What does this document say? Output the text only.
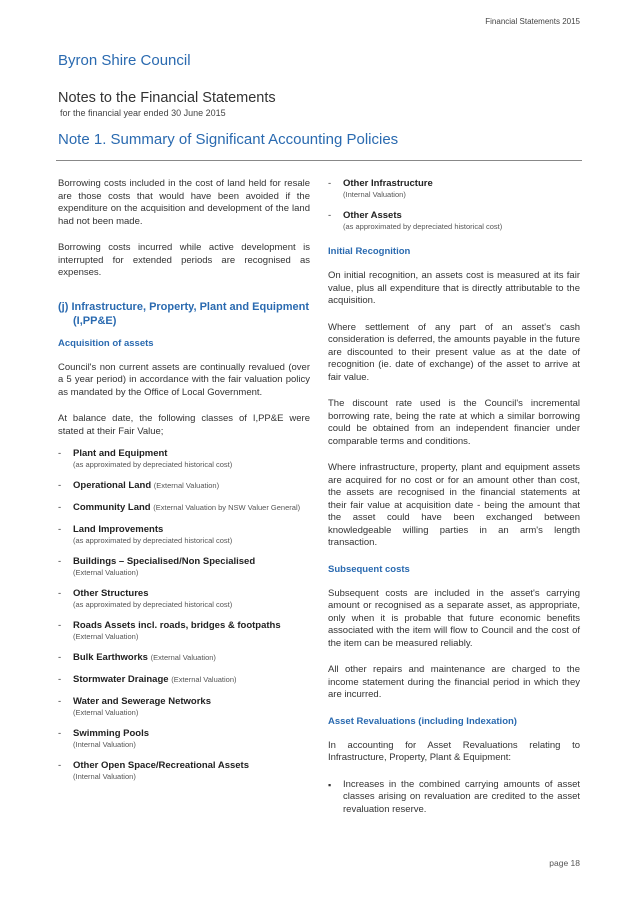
Financial Statements 2015
Byron Shire Council
Notes to the Financial Statements
for the financial year ended 30 June 2015
Note 1. Summary of Significant Accounting Policies

Borrowing costs included in the cost of land held for resale are those costs that would have been avoided if the expenditure on the acquisition and development of the land had not been made.

Borrowing costs incurred while active development is interrupted for extended periods are recognised as expenses.

(j) Infrastructure, Property, Plant and Equipment (I,PP&E)
Acquisition of assets

Council's non current assets are continually revalued (over a 5 year period) in accordance with the fair valuation policy as mandated by the Office of Local Government.

At balance date, the following classes of I,PP&E were stated at their Fair Value;

-	Plant and Equipment
(as approximated by depreciated historical cost)
-	Operational Land (External Valuation)
-	Community Land (External Valuation by NSW Valuer General)
-	Land Improvements
(as approximated by depreciated historical cost)
-	Buildings – Specialised/Non Specialised
(External Valuation)
-	Other Structures
(as approximated by depreciated historical cost)
-	Roads Assets incl. roads, bridges & footpaths
(External Valuation)
-	Bulk Earthworks (External Valuation)
-	Stormwater Drainage (External Valuation)
-	Water and Sewerage Networks
(External Valuation)
-	Swimming Pools
(Internal Valuation)
-	Other Open Space/Recreational Assets
(Internal Valuation)
-	Other Infrastructure
(Internal Valuation)
-	Other Assets
(as approximated by depreciated historical cost)
Initial Recognition

On initial recognition, an assets cost is measured at its fair value, plus all expenditure that is directly attributable to the acquisition.

Where settlement of any part of an asset's cash consideration is deferred, the amounts payable in the future are discounted to their present value as at the date of recognition (ie. date of exchange) of the asset to arrive at fair value.

The discount rate used is the Council's incremental borrowing rate, being the rate at which a similar borrowing could be obtained from an independent financier under comparable terms and conditions.

Where infrastructure, property, plant and equipment assets are acquired for no cost or for an amount other than cost, the assets are recognised in the financial statements at their fair value at acquisition date - being the amount that the asset could have been exchanged between knowledgeable willing parties in an arm's length transaction.

Subsequent costs

Subsequent costs are included in the asset's carrying amount or recognised as a separate asset, as appropriate, only when it is probable that future economic benefits associated with the item will flow to Council and the cost of the item can be measured reliably.

All other repairs and maintenance are charged to the income statement during the financial period in which they are incurred.

Asset Revaluations (including Indexation)

In accounting for Asset Revaluations relating to Infrastructure, Property, Plant & Equipment:

▪	Increases in the combined carrying amounts of asset classes arising on revaluation are credited to the asset revaluation reserve.
page 18
